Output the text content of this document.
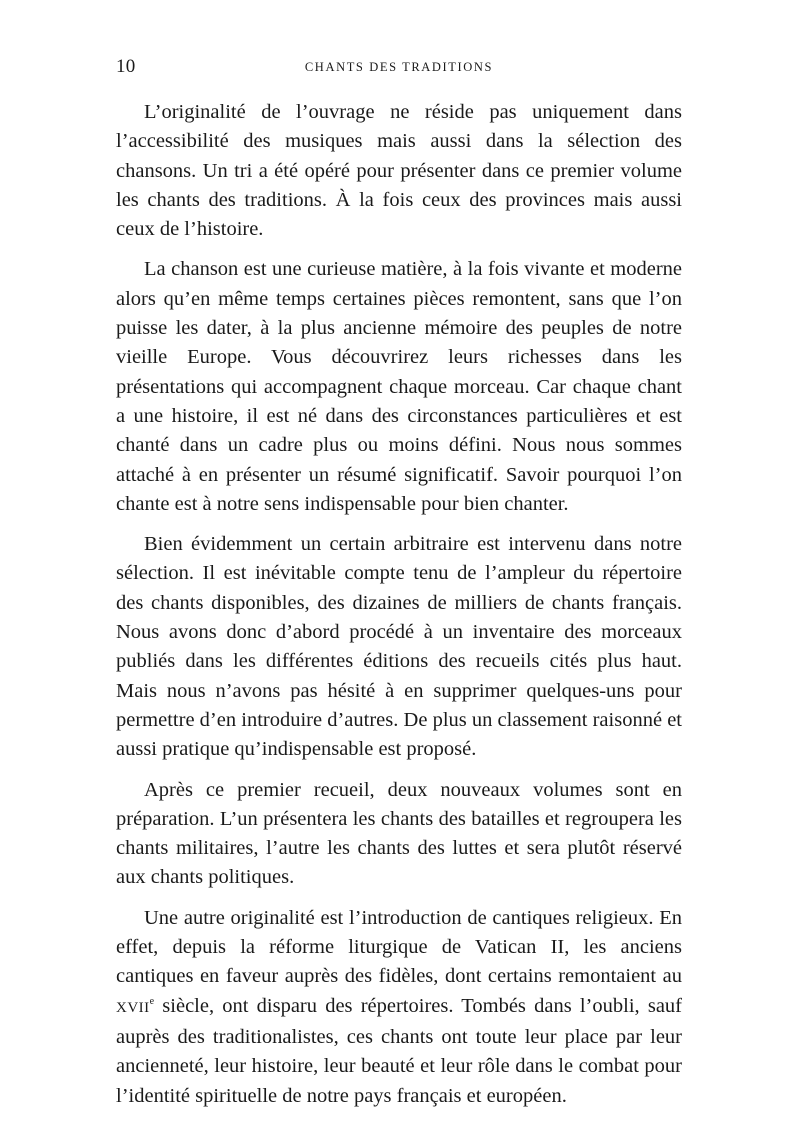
10	CHANTS DES TRADITIONS

L’originalité de l’ouvrage ne réside pas uniquement dans l’accessibilité des musiques mais aussi dans la sélection des chansons. Un tri a été opéré pour présenter dans ce premier volume les chants des traditions. À la fois ceux des provinces mais aussi ceux de l’histoire.

La chanson est une curieuse matière, à la fois vivante et moderne alors qu’en même temps certaines pièces remontent, sans que l’on puisse les dater, à la plus ancienne mémoire des peuples de notre vieille Europe. Vous découvrirez leurs richesses dans les présentations qui accompagnent chaque morceau. Car chaque chant a une histoire, il est né dans des circonstances particulières et est chanté dans un cadre plus ou moins défini. Nous nous sommes attaché à en présenter un résumé significatif. Savoir pourquoi l’on chante est à notre sens indispensable pour bien chanter.

Bien évidemment un certain arbitraire est intervenu dans notre sélection. Il est inévitable compte tenu de l’ampleur du répertoire des chants disponibles, des dizaines de milliers de chants français. Nous avons donc d’abord procédé à un inventaire des morceaux publiés dans les différentes éditions des recueils cités plus haut. Mais nous n’avons pas hésité à en supprimer quelques-uns pour permettre d’en introduire d’autres. De plus un classement raisonné et aussi pratique qu’indispensable est proposé.

Après ce premier recueil, deux nouveaux volumes sont en préparation. L’un présentera les chants des batailles et regroupera les chants militaires, l’autre les chants des luttes et sera plutôt réservé aux chants politiques.

Une autre originalité est l’introduction de cantiques religieux. En effet, depuis la réforme liturgique de Vatican II, les anciens cantiques en faveur auprès des fidèles, dont certains remontaient au XVIIe siècle, ont disparu des répertoires. Tombés dans l’oubli, sauf auprès des traditionalistes, ces chants ont toute leur place par leur ancienneté, leur histoire, leur beauté et leur rôle dans le combat pour l’identité spirituelle de notre pays français et européen.
